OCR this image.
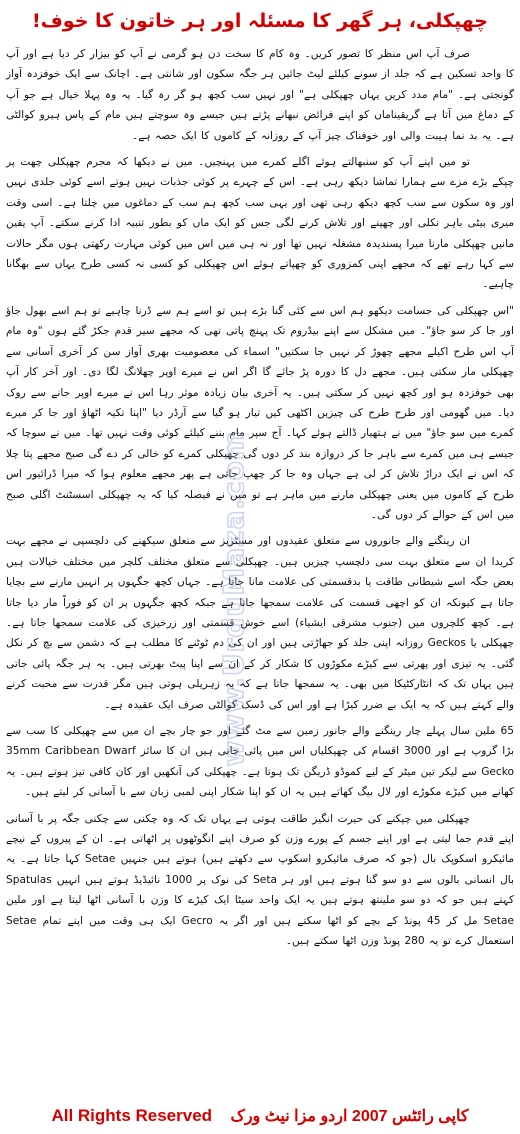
چھپکلی، ہر گھر کا مسئلہ اور ہر خاتون کا خوف!

صرف آپ اس منظر کا تصور کریں۔ وہ کام کا سخت دن ہو گرمی نے آپ کو بیزار کر دیا ہے اور آپ کا واحد تسکین ہے کہ جلد از سونے کیلئے لیٹ جائیں ہر جگہ سکون اور شانتی ہے۔ اچانک سے ایک خوفزدہ آواز گونجتی ہے۔ "مام مدد کریں یہاں چھپکلی ہے" اور نہیں سب کچھ ہو گر رہ گیا۔ یہ وہ پہلا خیال ہے جو آپ کے دماغ میں آتا ہے گریقیناماں کو اپنے فرائض نبھانے پڑتے ہیں جیسے وہ سوچتے ہیں مام کے پاس ہیرو کوالٹی ہے۔ یہ بد نما ہیبت والی اور خوفناک چیز آپ کے روزانہ کے کاموں کا ایک حصہ ہے۔

تو میں اپنے آپ کو سنبھالتے ہوئے اگلے کمرے میں پہنچیں۔ میں نے دیکھا کہ مجرم چھپکلی چھت پر چپکے بڑے مزے سے ہمارا تماشا دیکھ رہی ہے۔ اس کے چہرے پر کوئی جذبات نہیں ہوتے اسے کوئی جلدی نہیں اور وہ سکون سے سب کچھ دیکھ رہی تھی اور یہی سب کچھ ہم سب کے دماغوں میں چلتا ہے۔ اسی وقت میری بیٹی باہر نکلی اور چھپنے اور تلاش کرنے لگی جس کو ایک ماں کو بطور تنبیہ ادا کرنے سکتے۔ آپ یقین مانیں چھپکلی مارنا میرا پسندیدہ مشغلہ نہیں تھا اور نہ ہی میں اس میں کوئی مہارت رکھتی ہوں مگر حالات سے کہا رہے تھے کہ مجھے اپنی کمزوری کو چھپاتے ہوئے اس چھپکلی کو کسی نہ کسی طرح یہاں سے بھگانا چاہیے۔

"اس چھپکلی کی جسامت دیکھو ہم اس سے کئی گنا بڑے ہیں تو اسے ہم سے ڈرنا چاہیے تو ہم اسے بھول جاؤ اور جا کر سو جاؤ"۔ میں مشکل سے اپنے بیڈروم تک پہنچ پاتی تھی کہ مجھے سیر قدم جکڑ گئے ہوں "وہ مام آپ اس طرح اکیلے مجھے چھوڑ کر نہیں جا سکتیں" اسماء کی معصومیت بھری آواز سن کر آخری آسانی سے چھپکلی مار سکتی ہیں۔ مجھے دل کا دورہ پڑ جائے گا اگر اس نے میرے اوپر چھلانگ لگا دی۔ اور آخر کار آپ بھی خوفزدہ ہو اور کچھ نہیں کر سکتی ہیں۔ یہ آخری بیان زیادہ موثر رہا اس نے میرے اوپر جانے سے روک دیا۔ میں گھومی اور طرح طرح کی چیزیں اکٹھی کیں تیار ہو گیا سے آرڈر دیا "اپنا تکیہ اٹھاؤ اور جا کر میرے کمرے میں سو جاؤ" میں نے ہتھیار ڈالتے ہوئے کہا۔ آج سپر مام بننے کیلئے کوئی وقت نہیں تھا۔ میں نے سوچا کہ جیسے ہی میں کمرے سے باہر جا کر دروازہ بند کر دوں گی چھپکلی کمرے کو خالی کر دے گی صبح مجھے پتا چلا کہ اس نے ایک دراڑ تلاش کر لی ہے جہاں وہ جا کر چھپ جاتی ہے پھر مجھے معلوم ہوا کہ میرا ڈرائیور اس طرح کے کاموں میں یعنی چھپکلی مارنے میں ماہر ہے تو میں نے فیصلہ کیا کہ یہ چھپکلی اسسٹنٹ اگلی صبح میں اس کے حوالے کر دوں گی۔

ان رینگنے والے جانوروں سے متعلق عقیدوں اور مسٹریز سے متعلق سیکھنے کی دلچسپی نے مجھے بہت کریدا ان سے متعلق بہت سی دلچسپ چیزیں ہیں۔ چھپکلی سے متعلق مختلف کلچر میں مختلف خیالات ہیں بعض جگہ اسے شیطانی طاقت یا بدقسمتی کی علامت مانا جاتا ہے۔ جہاں کچھ جگہوں پر انہیں مارنے سے بچایا جاتا ہے کیونکہ ان کو اچھی قسمت کی علامت سمجھا جاتا ہے جبکہ کچھ جگہوں پر ان کو فوراً مار دیا جاتا ہے۔ کچھ کلچروں میں (جنوب مشرقی ایشیاء) اسے خوش قسمتی اور زرخیزی کی علامت سمجھا جاتا ہے۔ چھپکلی یا Geckos روزانہ اپنی جلد کو جھاڑتی ہیں اور ان کی دم ٹوٹنے کا مطلب ہے کہ دشمن سے بچ کر نکل گئی۔ یہ تیزی اور پھرتی سے کیڑے مکوڑوں کا شکار کر کے ان سے اپنا پیٹ بھرتی ہیں۔ یہ ہر جگہ پائی جاتی ہیں یہاں تک کہ انٹارکٹیکا میں بھی۔ یہ سمجھا جاتا ہے کہ یہ زہریلی ہوتی ہیں مگر قدرت سے محبت کرنے والے کہتے ہیں کہ یہ ایک بے ضرر کیڑا ہے اور اس کی ڈسک کوالٹی صرف ایک عقیدہ ہے۔

65 ملین سال پہلے چار رینگنے والے جانور زمین سے مٹ گئے اور جو چار بچے ان میں سے چھپکلی کا سب سے بڑا گروپ ہے اور 3000 اقسام کی چھپکلیاں اس میں پائی جاتی ہیں ان کا سائز 35mm Caribbean Dwarf Gecko سے لیکر تین میٹر کے لیے کموڈو ڈریگن تک ہوتا ہے۔ چھپکلی کی آنکھیں اور کان کافی تیز ہوتے ہیں۔ یہ کھانے میں کیڑے مکوڑے اور لال بیگ کھاتے ہیں یہ ان کو اپنا شکار اپنی لمبی زبان سے با آسانی کر لیتے ہیں۔

چھپکلی میں چپکنے کی حیرت انگیز طاقت ہوتی ہے یہاں تک کہ وہ چکنی سے چکنی جگہ پر با آسانی اپنے قدم جما لیتی ہے اور اپنے جسم کے پورے وزن کو صرف اپنے انگوٹھوں پر اٹھاتی ہے۔ ان کے پیروں کے نیچے مائیکرو اسکوپک بال (جو کہ صرف مائیکرو اسکوپ سے دکھتے ہیں) ہوتے ہیں جنہیں Setae کہا جاتا ہے۔ یہ بال انسانی بالوں سے دو سو گنا ہوتے ہیں اور ہر Seta کی نوک پر 1000 نائیڈیڈ ہوتے ہیں انہیں Spatulas کہتے ہیں جو کہ دو سو ملینتھ ہوتے ہیں یہ ایک واحد سیٹا ایک کیڑے کا وزن با آسانی اٹھا لیتا ہے اور ملین Setae مل کر 45 پونڈ کے بچے کو اٹھا سکتے ہیں اور اگر یہ Gecro ایک ہی وقت میں اپنے تمام Setae استعمال کرے تو یہ 280 پونڈ وزن اٹھا سکتے ہیں۔

www.UrduMaza.com
کاپی رائٹس 2007 اردو مزا نیٹ ورک All Rights Reserved
